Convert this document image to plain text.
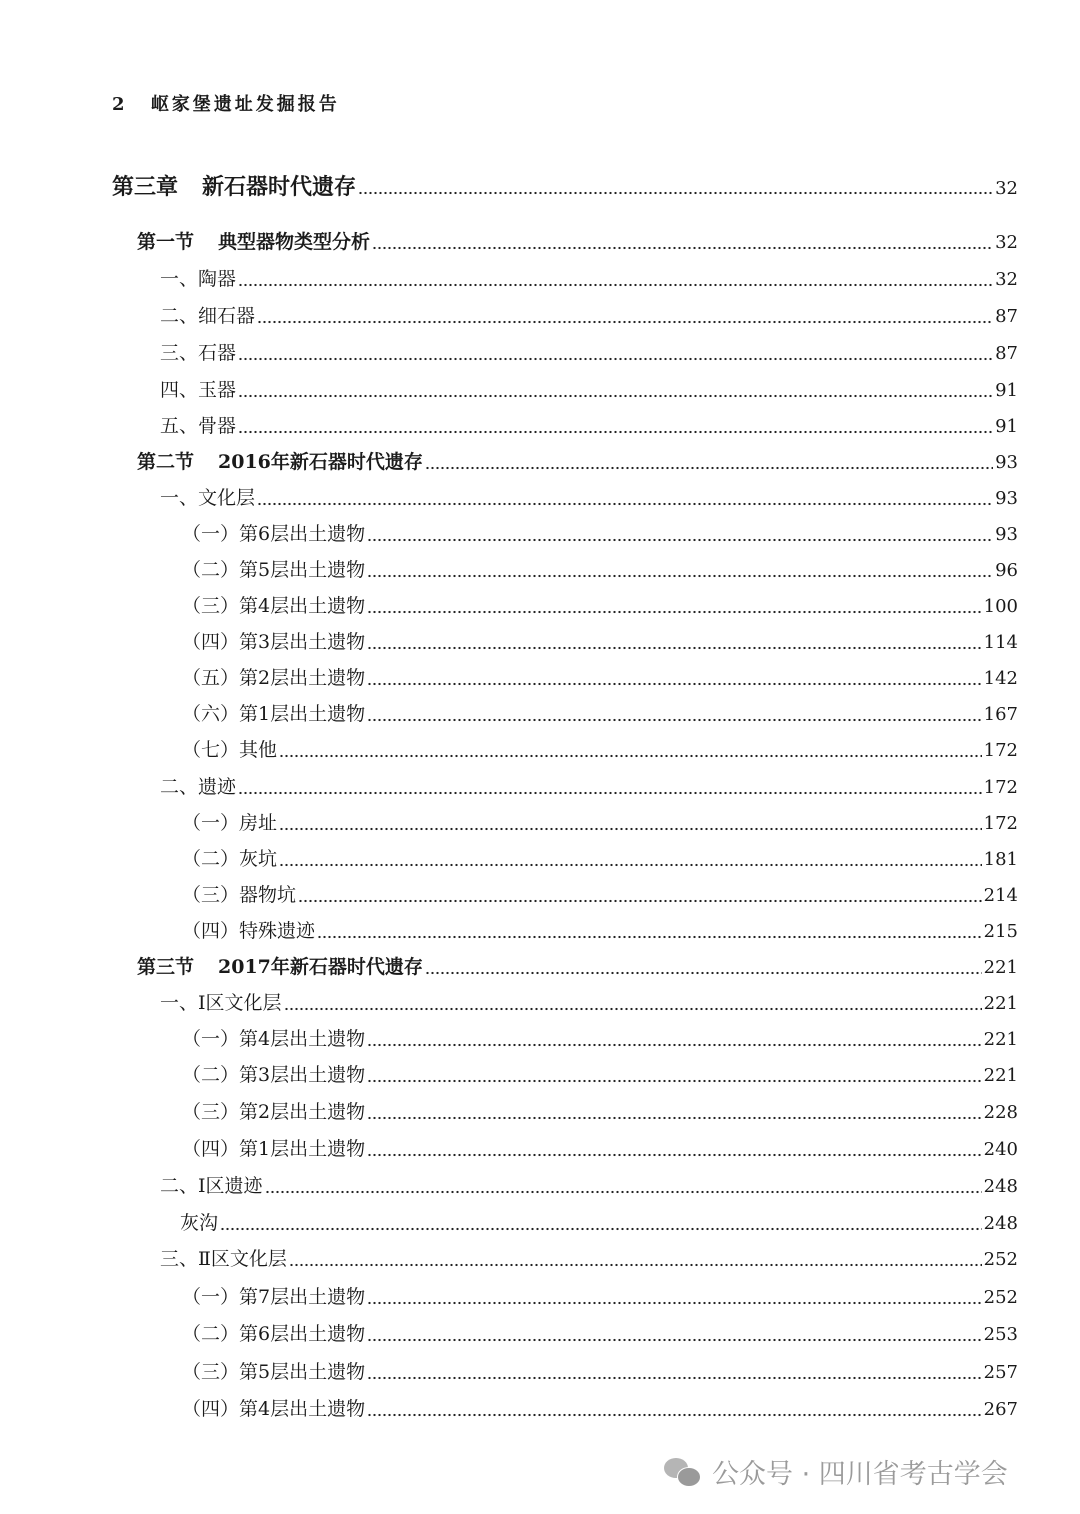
2 岖家堡遗址发掘报告
第三章 新石器时代遗存	32
第一节 典型器物类型分析	32
一、陶器	32
二、细石器	87
三、石器	87
四、玉器	91
五、骨器	91
第二节 2016年新石器时代遗存	93
一、文化层	93
（一）第6层出土遗物	93
（二）第5层出土遗物	96
（三）第4层出土遗物	100
（四）第3层出土遗物	114
（五）第2层出土遗物	142
（六）第1层出土遗物	167
（七）其他	172
二、遗迹	172
（一）房址	172
（二）灰坑	181
（三）器物坑	214
（四）特殊遗迹	215
第三节 2017年新石器时代遗存	221
一、Ⅰ区文化层	221
（一）第4层出土遗物	221
（二）第3层出土遗物	221
（三）第2层出土遗物	228
（四）第1层出土遗物	240
二、Ⅰ区遗迹	248
灰沟	248
三、Ⅱ区文化层	252
（一）第7层出土遗物	252
（二）第6层出土遗物	253
（三）第5层出土遗物	257
（四）第4层出土遗物	267
公众号 · 四川省考古学会
